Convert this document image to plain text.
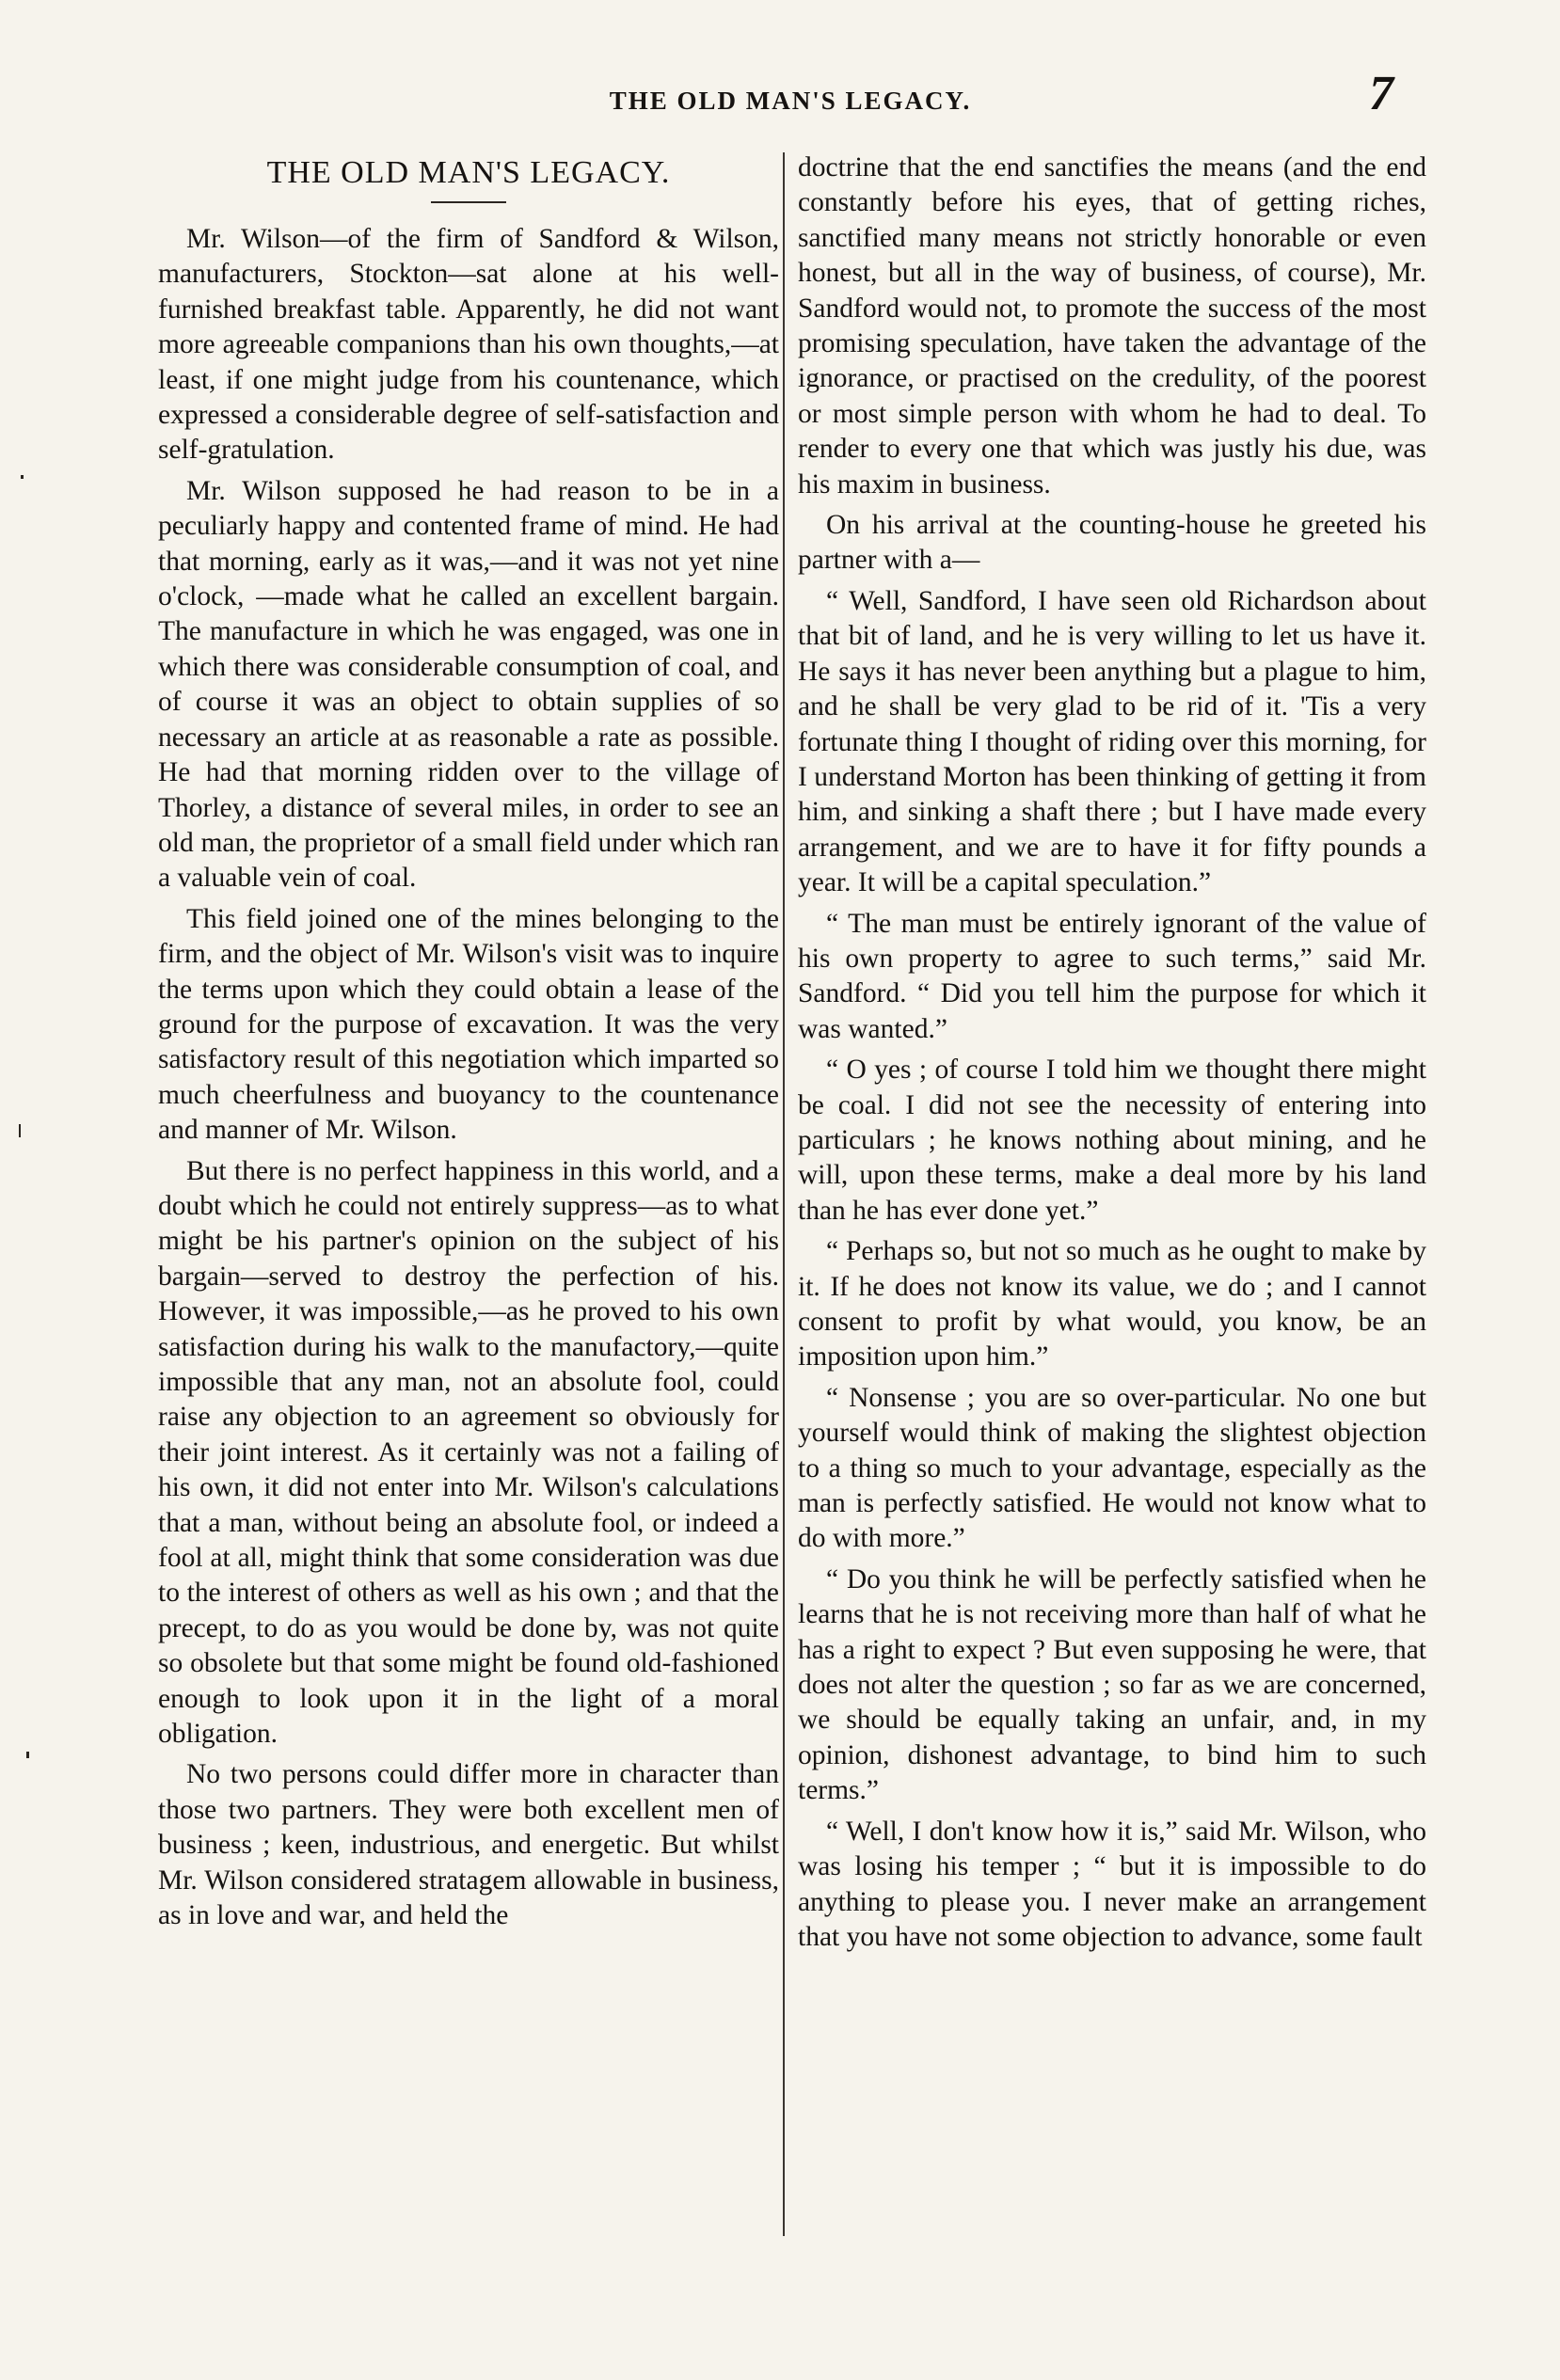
THE OLD MAN'S LEGACY.	7
THE OLD MAN'S LEGACY.

Mr. Wilson—of the firm of Sandford & Wilson, manufacturers, Stockton—sat alone at his well-furnished breakfast table. Apparently, he did not want more agreeable companions than his own thoughts,—at least, if one might judge from his countenance, which expressed a considerable degree of self-satisfaction and self-gratulation.

Mr. Wilson supposed he had reason to be in a peculiarly happy and contented frame of mind. He had that morning, early as it was,—and it was not yet nine o'clock, —made what he called an excellent bargain. The manufacture in which he was engaged, was one in which there was considerable consumption of coal, and of course it was an object to obtain supplies of so necessary an article at as reasonable a rate as possible. He had that morning ridden over to the village of Thorley, a distance of several miles, in order to see an old man, the proprietor of a small field under which ran a valuable vein of coal.

This field joined one of the mines belonging to the firm, and the object of Mr. Wilson's visit was to inquire the terms upon which they could obtain a lease of the ground for the purpose of excavation. It was the very satisfactory result of this negotiation which imparted so much cheerfulness and buoyancy to the countenance and manner of Mr. Wilson.

But there is no perfect happiness in this world, and a doubt which he could not entirely suppress—as to what might be his partner's opinion on the subject of his bargain—served to destroy the perfection of his. However, it was impossible,—as he proved to his own satisfaction during his walk to the manufactory,—quite impossible that any man, not an absolute fool, could raise any objection to an agreement so obviously for their joint interest. As it certainly was not a failing of his own, it did not enter into Mr. Wilson's calculations that a man, without being an absolute fool, or indeed a fool at all, might think that some consideration was due to the interest of others as well as his own ; and that the precept, to do as you would be done by, was not quite so obsolete but that some might be found old-fashioned enough to look upon it in the light of a moral obligation.

No two persons could differ more in character than those two partners. They were both excellent men of business ; keen, industrious, and energetic. But whilst Mr. Wilson considered stratagem allowable in business, as in love and war, and held the

doctrine that the end sanctifies the means (and the end constantly before his eyes, that of getting riches, sanctified many means not strictly honorable or even honest, but all in the way of business, of course), Mr. Sandford would not, to promote the success of the most promising speculation, have taken the advantage of the ignorance, or practised on the credulity, of the poorest or most simple person with whom he had to deal. To render to every one that which was justly his due, was his maxim in business.

On his arrival at the counting-house he greeted his partner with a—

“ Well, Sandford, I have seen old Richardson about that bit of land, and he is very willing to let us have it. He says it has never been anything but a plague to him, and he shall be very glad to be rid of it. 'Tis a very fortunate thing I thought of riding over this morning, for I understand Morton has been thinking of getting it from him, and sinking a shaft there ; but I have made every arrangement, and we are to have it for fifty pounds a year. It will be a capital speculation.”

“ The man must be entirely ignorant of the value of his own property to agree to such terms,” said Mr. Sandford. “ Did you tell him the purpose for which it was wanted.”

“ O yes ; of course I told him we thought there might be coal. I did not see the necessity of entering into particulars ; he knows nothing about mining, and he will, upon these terms, make a deal more by his land than he has ever done yet.”

“ Perhaps so, but not so much as he ought to make by it. If he does not know its value, we do ; and I cannot consent to profit by what would, you know, be an imposition upon him.”

“ Nonsense ; you are so over-particular. No one but yourself would think of making the slightest objection to a thing so much to your advantage, especially as the man is perfectly satisfied. He would not know what to do with more.”

“ Do you think he will be perfectly satisfied when he learns that he is not receiving more than half of what he has a right to expect ? But even supposing he were, that does not alter the question ; so far as we are concerned, we should be equally taking an unfair, and, in my opinion, dishonest advantage, to bind him to such terms.”

“ Well, I don't know how it is,” said Mr. Wilson, who was losing his temper ; “ but it is impossible to do anything to please you. I never make an arrangement that you have not some objection to advance, some fault
